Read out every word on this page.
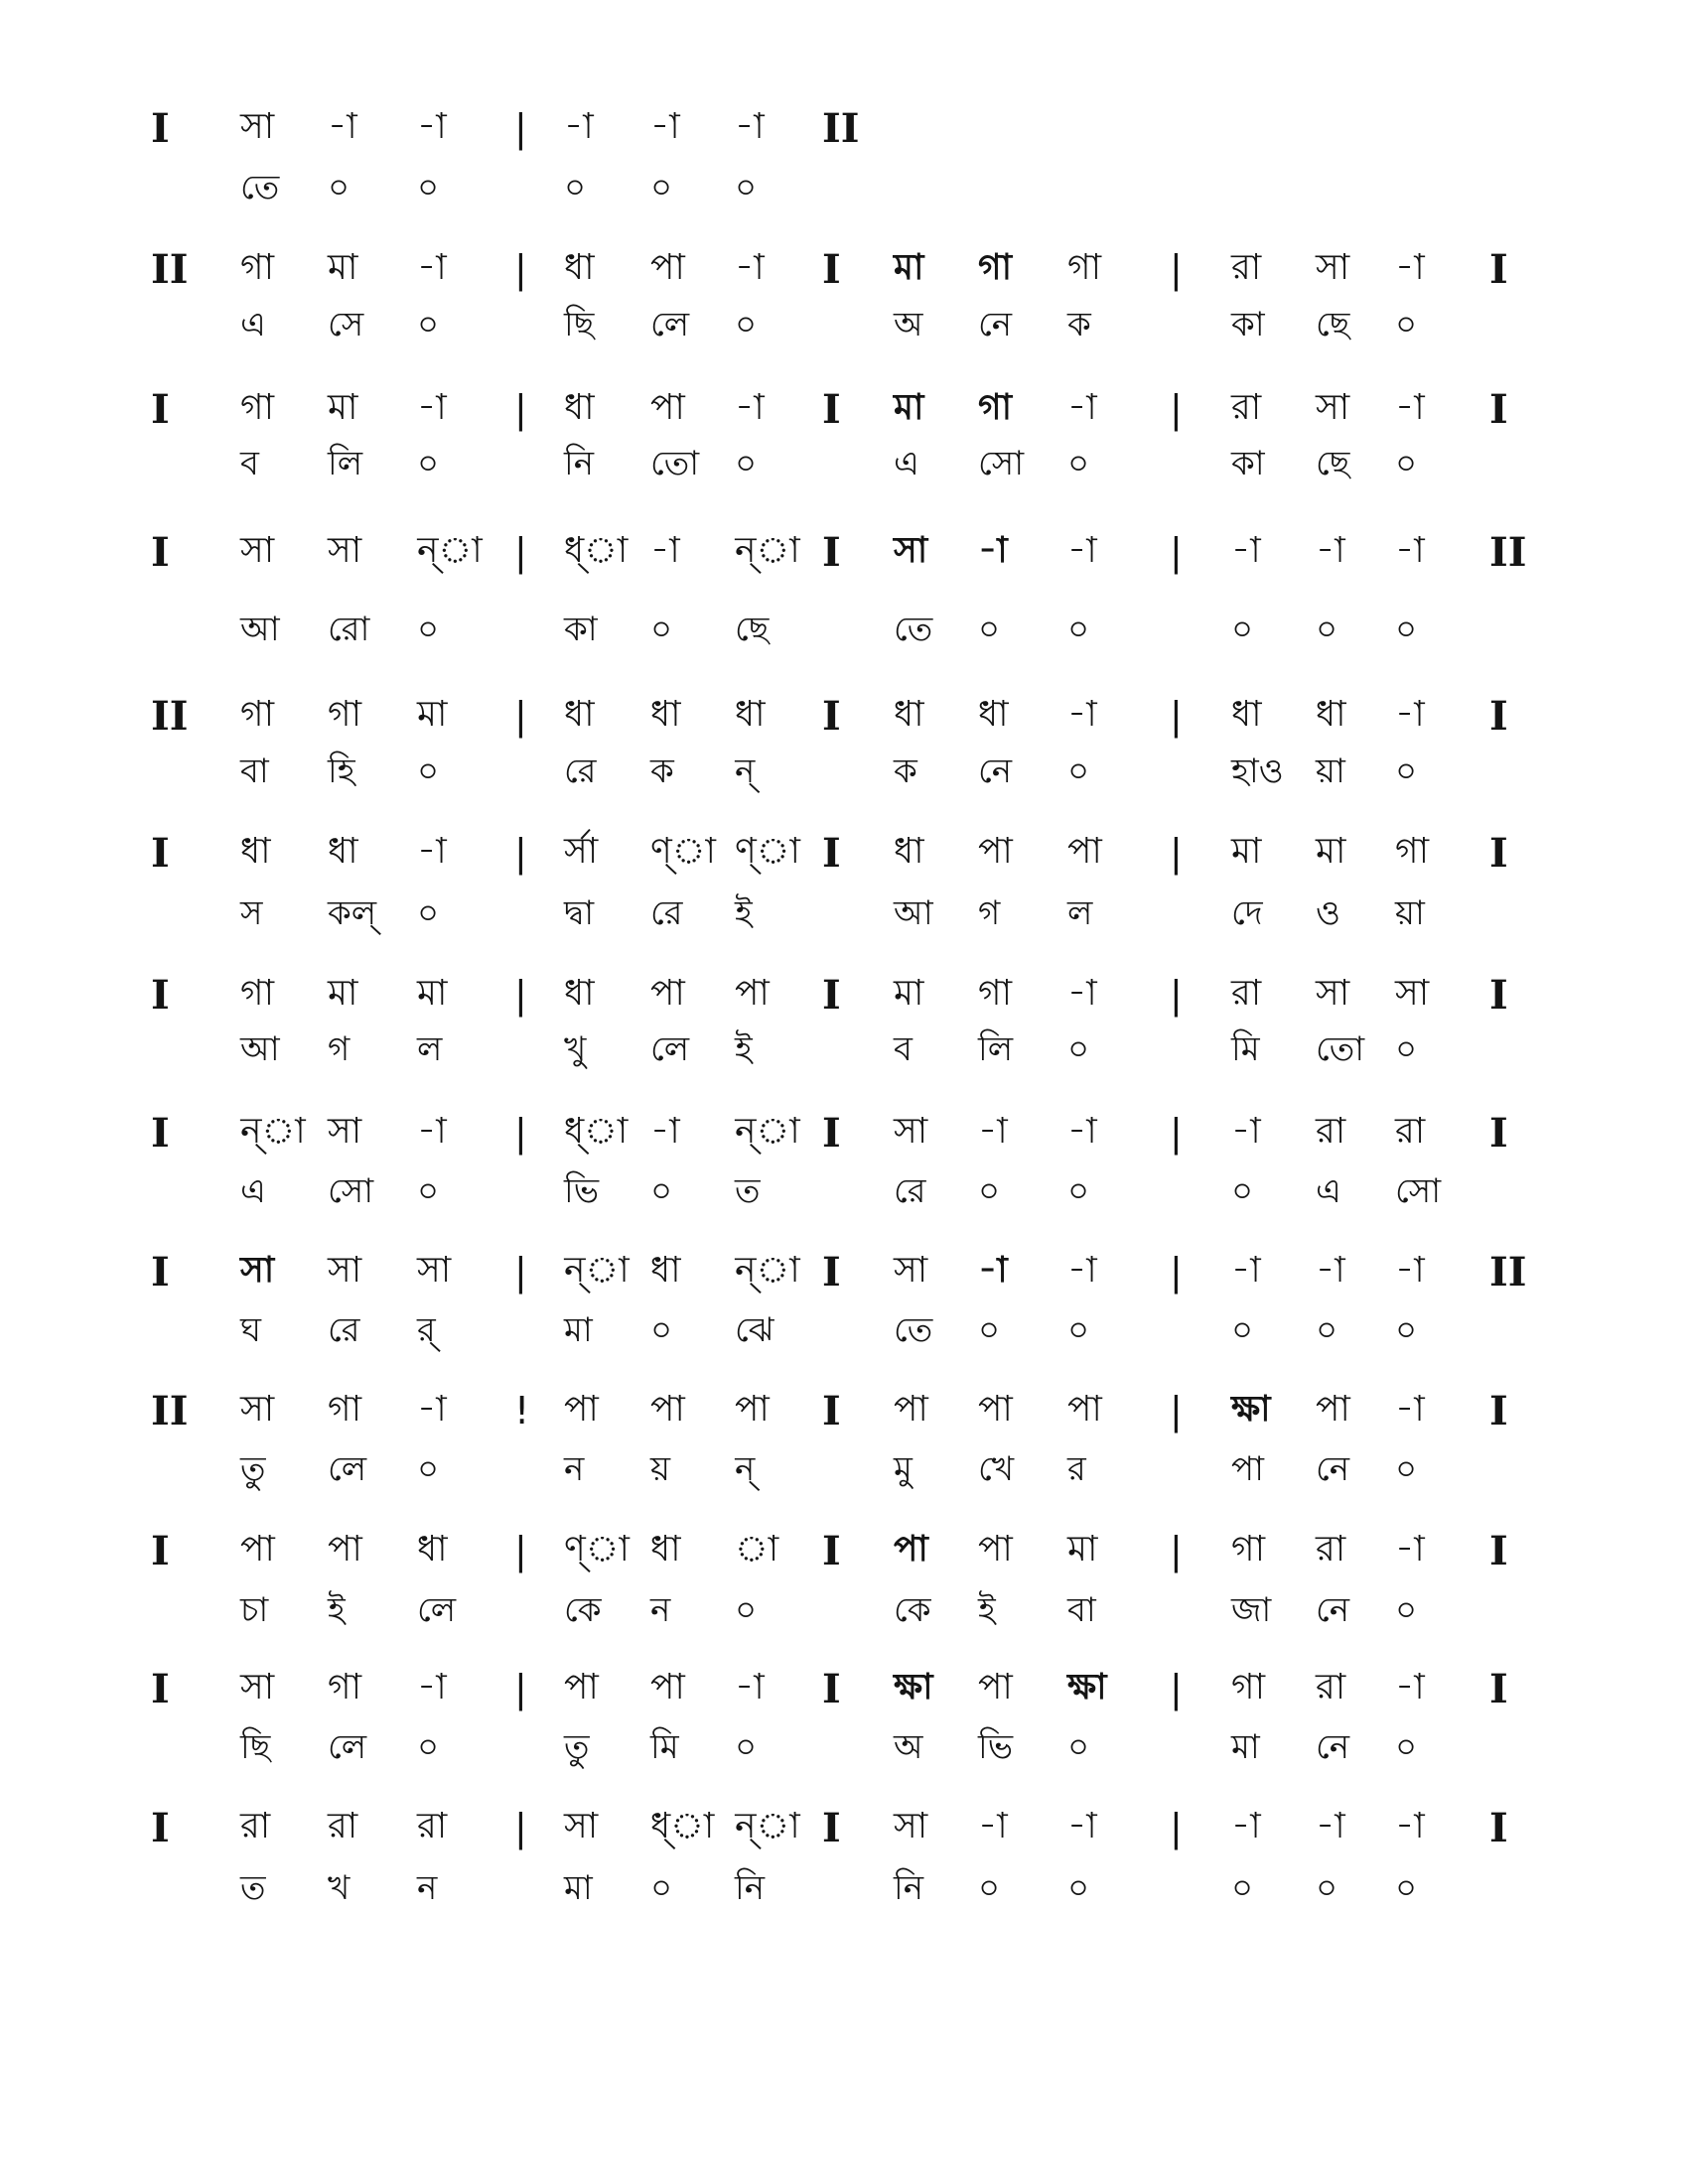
I সা -া -া | -া -া -া II
তে ০ ০	০ ০ ০
II গা মা -া | ধা পা -া I মা গা গা | রা সা -া I
এ সে ০	ছি লে ০	অ নে ক	কা ছে ০
I গা মা -া | ধা পা -া I মা গা -া | রা সা -া I
ব লি ০	নি তো ০	এ সো ০	কা ছে ০
I সা সা ন্া | ধ্া -া ন্া I সা -া -া | -া -া -া II
আ রো ০	কা ০ ছে	তে ০ ০	০ ০ ০
II গা গা মা | ধা ধা ধা I ধা ধা -া | ধা ধা -া I
বা হি ০	রে ক ন্	ক নে ০	হাও য়া ০
I ধা ধা -া | র্সা ণ্া ণ্া I ধা পা পা | মা মা গা I
স কল্ ০	দ্বা রে ই	আ গ ল	দে ও য়া
I গা মা মা | ধা পা পা I মা গা -া | রা সা সা I
আ গ ল	খু লে ই	ব লি ০	মি তো ০
I ন্া সা -া | ধ্া -া ন্া I সা -া -া | -া রা রা I
এ সো ০	ভি ০ ত	রে ০ ০	০ এ সো
I সা সা সা | ন্া ধা ন্া I সা -া -া | -া -া -া II
ঘ রে র্	মা ০ ঝে	তে ০ ০	০ ০ ০
II সা গা -া ! পা পা পা I পা পা পা | ক্ষা পা -া I
তু লে ০	ন য় ন্	মু খে র	পা নে ০
I পা পা ধা | ণ্া ধা া I পা পা মা | গা রা -া I
চা ই লে	কে ন ০	কে ই বা	জা নে ০
I সা গা -া | পা পা -া I ক্ষা পা ক্ষা | গা রা -া I
ছি লে ০	তু মি ০	অ ভি ০	মা নে ০
I রা রা রা | সা ধ্া ন্া I সা -া -া | -া -া -া I
ত খ ন	মা ০ নি	নি ০ ০	০ ০ ০
